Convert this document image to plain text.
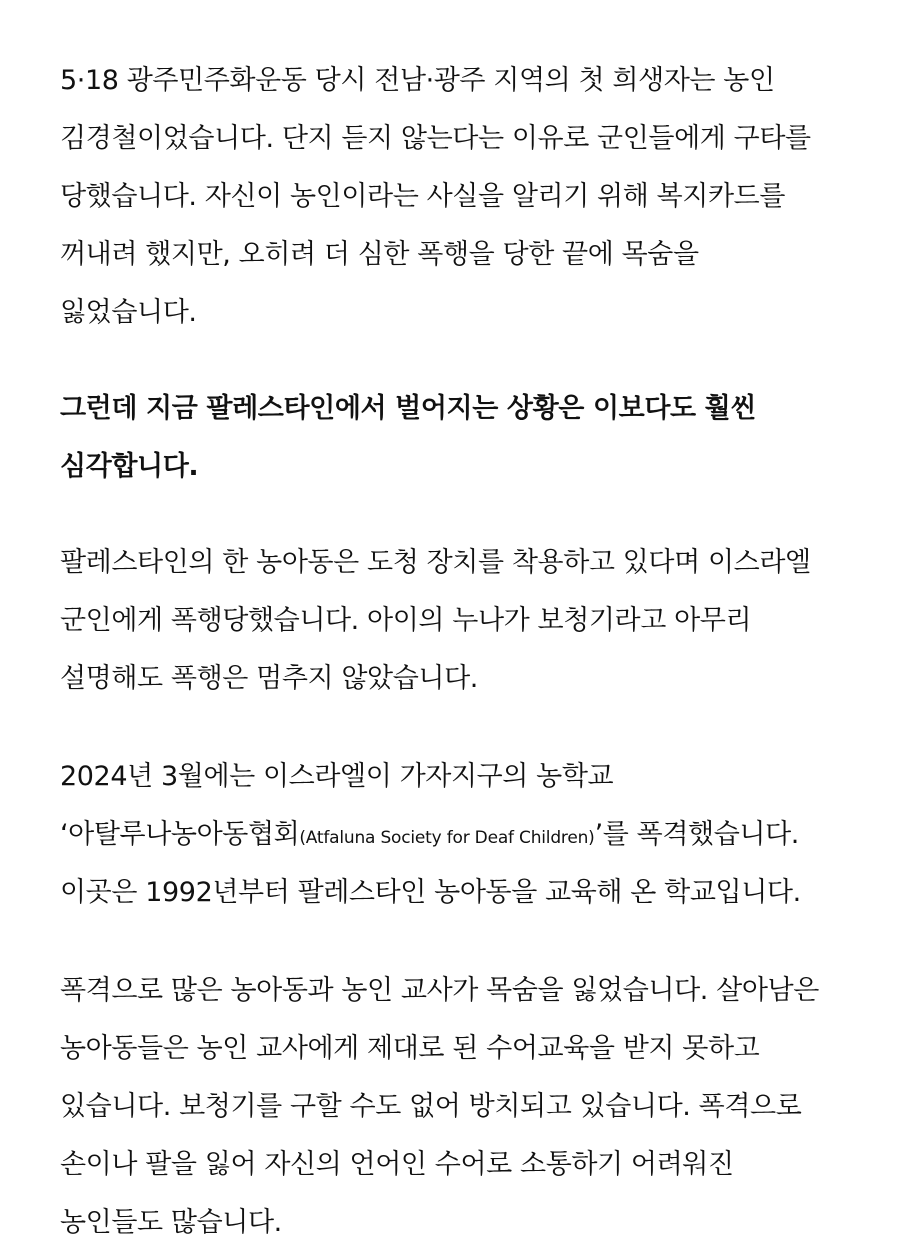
5·18 광주민주화운동 당시 전남·광주 지역의 첫 희생자는 농인
김경철이었습니다. 단지 듣지 않는다는 이유로 군인들에게 구타를
당했습니다. 자신이 농인이라는 사실을 알리기 위해 복지카드를
꺼내려 했지만, 오히려 더 심한 폭행을 당한 끝에 목숨을
잃었습니다.
그런데 지금 팔레스타인에서 벌어지는 상황은 이보다도 훨씬
심각합니다.
팔레스타인의 한 농아동은 도청 장치를 착용하고 있다며 이스라엘
군인에게 폭행당했습니다. 아이의 누나가 보청기라고 아무리
설명해도 폭행은 멈추지 않았습니다.
2024년 3월에는 이스라엘이 가자지구의 농학교
‘아탈루나농아동협회(Atfaluna Society for Deaf Children)’를 폭격했습니다.
이곳은 1992년부터 팔레스타인 농아동을 교육해 온 학교입니다.
폭격으로 많은 농아동과 농인 교사가 목숨을 잃었습니다. 살아남은
농아동들은 농인 교사에게 제대로 된 수어교육을 받지 못하고
있습니다. 보청기를 구할 수도 없어 방치되고 있습니다. 폭격으로
손이나 팔을 잃어 자신의 언어인 수어로 소통하기 어려워진
농인들도 많습니다.
